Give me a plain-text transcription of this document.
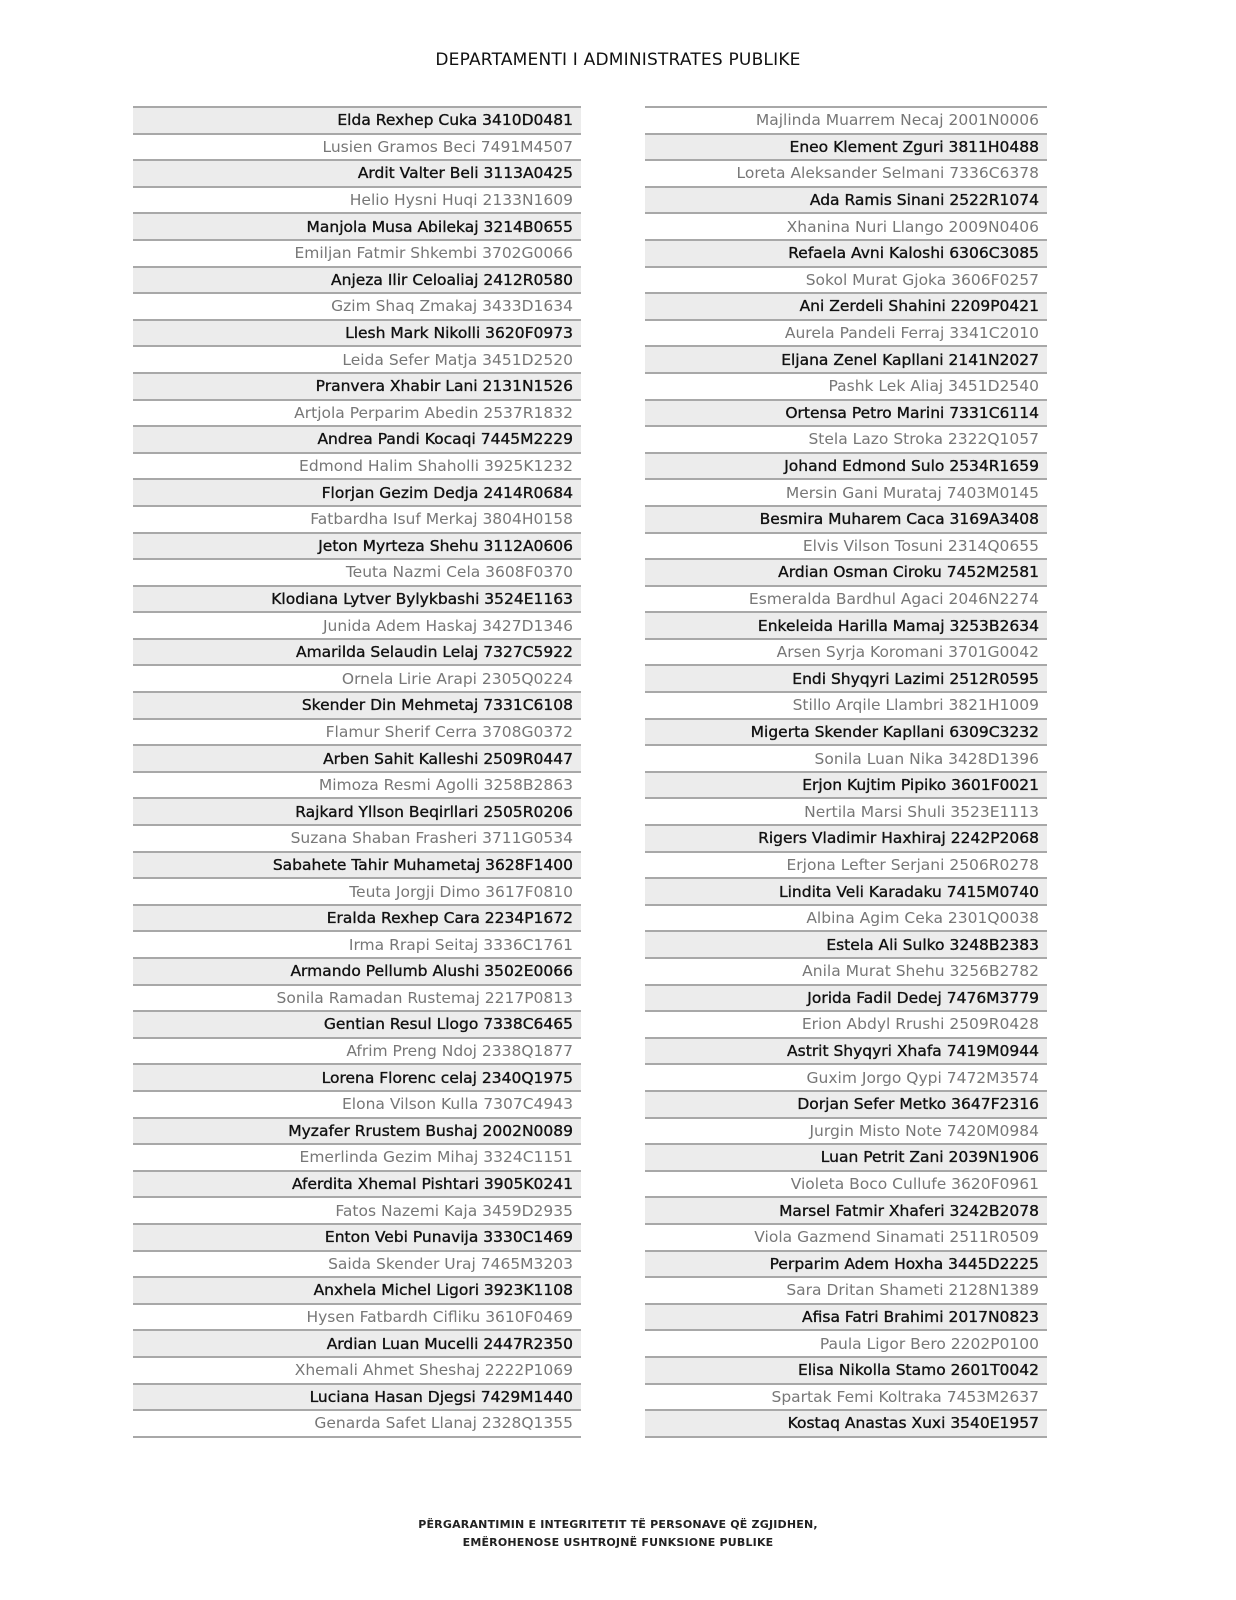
DEPARTAMENTI I ADMINISTRATES PUBLIKE
Elda Rexhep Cuka 3410D0481
Lusien Gramos Beci 7491M4507
Ardit Valter Beli 3113A0425
Helio Hysni Huqi 2133N1609
Manjola Musa Abilekaj 3214B0655
Emiljan Fatmir Shkembi 3702G0066
Anjeza Ilir Celoaliaj 2412R0580
Gzim Shaq Zmakaj 3433D1634
Llesh Mark Nikolli 3620F0973
Leida Sefer Matja 3451D2520
Pranvera Xhabir Lani 2131N1526
Artjola Perparim Abedin 2537R1832
Andrea Pandi Kocaqi 7445M2229
Edmond Halim Shaholli 3925K1232
Florjan Gezim Dedja 2414R0684
Fatbardha Isuf Merkaj 3804H0158
Jeton Myrteza Shehu 3112A0606
Teuta Nazmi Cela 3608F0370
Klodiana Lytver Bylykbashi 3524E1163
Junida Adem Haskaj 3427D1346
Amarilda Selaudin Lelaj 7327C5922
Ornela Lirie Arapi 2305Q0224
Skender Din Mehmetaj 7331C6108
Flamur Sherif Cerra 3708G0372
Arben Sahit Kalleshi 2509R0447
Mimoza Resmi Agolli 3258B2863
Rajkard Yllson Beqirllari 2505R0206
Suzana Shaban Frasheri 3711G0534
Sabahete Tahir Muhametaj 3628F1400
Teuta Jorgji Dimo 3617F0810
Eralda Rexhep Cara 2234P1672
Irma Rrapi Seitaj 3336C1761
Armando Pellumb Alushi 3502E0066
Sonila Ramadan Rustemaj 2217P0813
Gentian Resul Llogo 7338C6465
Afrim Preng Ndoj 2338Q1877
Lorena Florenc celaj 2340Q1975
Elona Vilson Kulla 7307C4943
Myzafer Rrustem Bushaj 2002N0089
Emerlinda Gezim Mihaj 3324C1151
Aferdita Xhemal Pishtari 3905K0241
Fatos Nazemi Kaja 3459D2935
Enton Vebi Punavija 3330C1469
Saida Skender Uraj 7465M3203
Anxhela Michel Ligori 3923K1108
Hysen Fatbardh Cifliku 3610F0469
Ardian Luan Mucelli 2447R2350
Xhemali Ahmet Sheshaj 2222P1069
Luciana Hasan Djegsi 7429M1440
Genarda Safet Llanaj 2328Q1355
Majlinda Muarrem Necaj 2001N0006
Eneo Klement Zguri 3811H0488
Loreta Aleksander Selmani 7336C6378
Ada Ramis Sinani 2522R1074
Xhanina Nuri Llango 2009N0406
Refaela Avni Kaloshi 6306C3085
Sokol Murat Gjoka 3606F0257
Ani Zerdeli Shahini 2209P0421
Aurela Pandeli Ferraj 3341C2010
Eljana Zenel Kapllani 2141N2027
Pashk Lek Aliaj 3451D2540
Ortensa Petro Marini 7331C6114
Stela Lazo Stroka 2322Q1057
Johand Edmond Sulo 2534R1659
Mersin Gani Murataj 7403M0145
Besmira Muharem Caca 3169A3408
Elvis Vilson Tosuni 2314Q0655
Ardian Osman Ciroku 7452M2581
Esmeralda Bardhul Agaci 2046N2274
Enkeleida Harilla Mamaj 3253B2634
Arsen Syrja Koromani 3701G0042
Endi Shyqyri Lazimi 2512R0595
Stillo Arqile Llambri 3821H1009
Migerta Skender Kapllani 6309C3232
Sonila Luan Nika 3428D1396
Erjon Kujtim Pipiko 3601F0021
Nertila Marsi Shuli 3523E1113
Rigers Vladimir Haxhiraj 2242P2068
Erjona Lefter Serjani 2506R0278
Lindita Veli Karadaku 7415M0740
Albina Agim Ceka 2301Q0038
Estela Ali Sulko 3248B2383
Anila Murat Shehu 3256B2782
Jorida Fadil Dedej 7476M3779
Erion Abdyl Rrushi 2509R0428
Astrit Shyqyri Xhafa 7419M0944
Guxim Jorgo Qypi 7472M3574
Dorjan Sefer Metko 3647F2316
Jurgin Misto Note 7420M0984
Luan Petrit Zani 2039N1906
Violeta Boco Cullufe 3620F0961
Marsel Fatmir Xhaferi 3242B2078
Viola Gazmend Sinamati 2511R0509
Perparim Adem Hoxha 3445D2225
Sara Dritan Shameti 2128N1389
Afisa Fatri Brahimi 2017N0823
Paula Ligor Bero 2202P0100
Elisa Nikolla Stamo 2601T0042
Spartak Femi Koltraka 7453M2637
Kostaq Anastas Xuxi 3540E1957
PËRGARANTIMIN E INTEGRITETIT TË PERSONAVE QË ZGJIDHEN,
EMËROHENOSE USHTROJNË FUNKSIONE PUBLIKE
